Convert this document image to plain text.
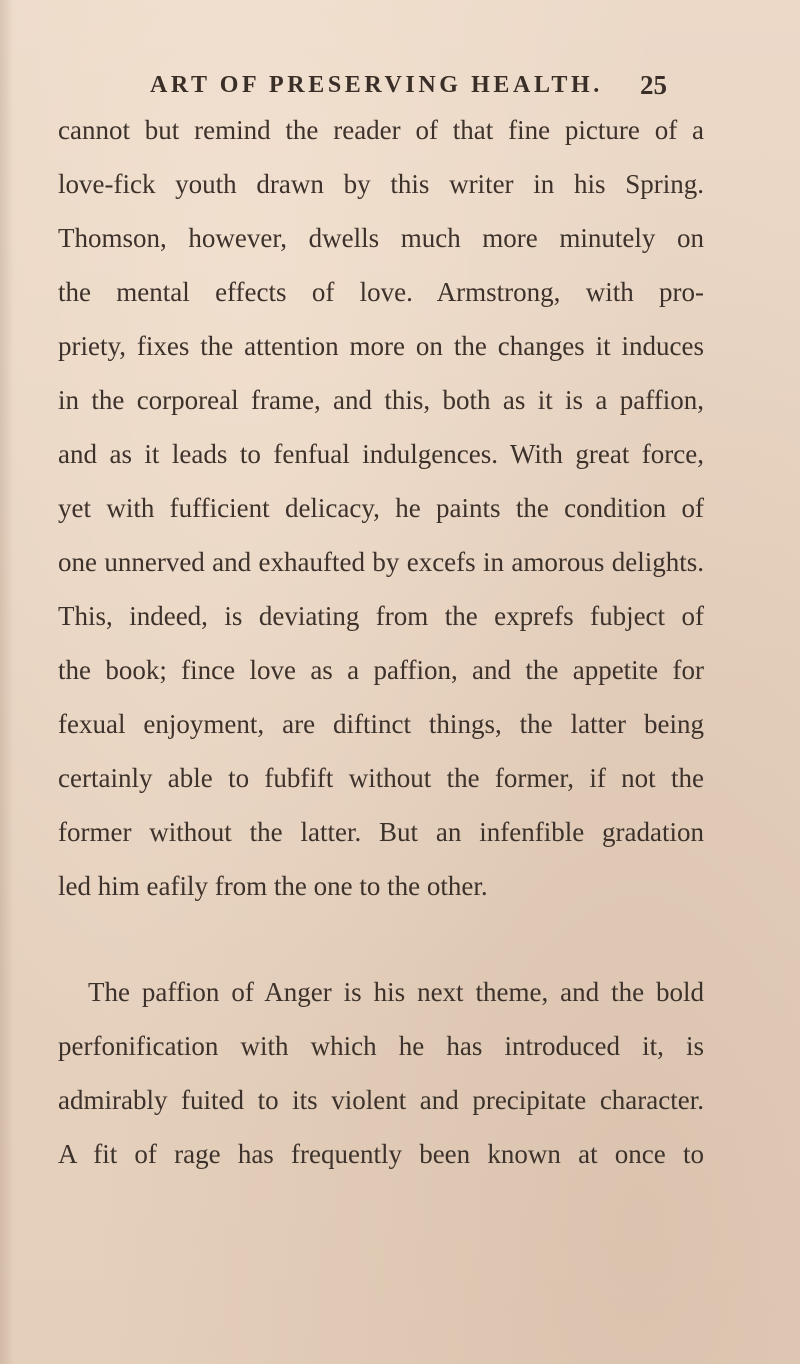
ART OF PRESERVING HEALTH. 25
cannot but remind the reader of that fine picture of a
love-fick youth drawn by this writer in his Spring.
Thomson, however, dwells much more minutely on
the mental effects of love. Armstrong, with pro-
priety, fixes the attention more on the changes it induces
in the corporeal frame, and this, both as it is a paffion,
and as it leads to fenfual indulgences. With great force,
yet with fufficient delicacy, he paints the condition of
one unnerved and exhaufted by excefs in amorous delights.
This, indeed, is deviating from the exprefs fubject of
the book; fince love as a paffion, and the appetite for
fexual enjoyment, are diftinct things, the latter being
certainly able to fubfift without the former, if not the
former without the latter. But an infenfible gradation
led him eafily from the one to the other.
The paffion of Anger is his next theme, and the bold
perfonification with which he has introduced it, is
admirably fuited to its violent and precipitate character.
A fit of rage has frequently been known at once to
